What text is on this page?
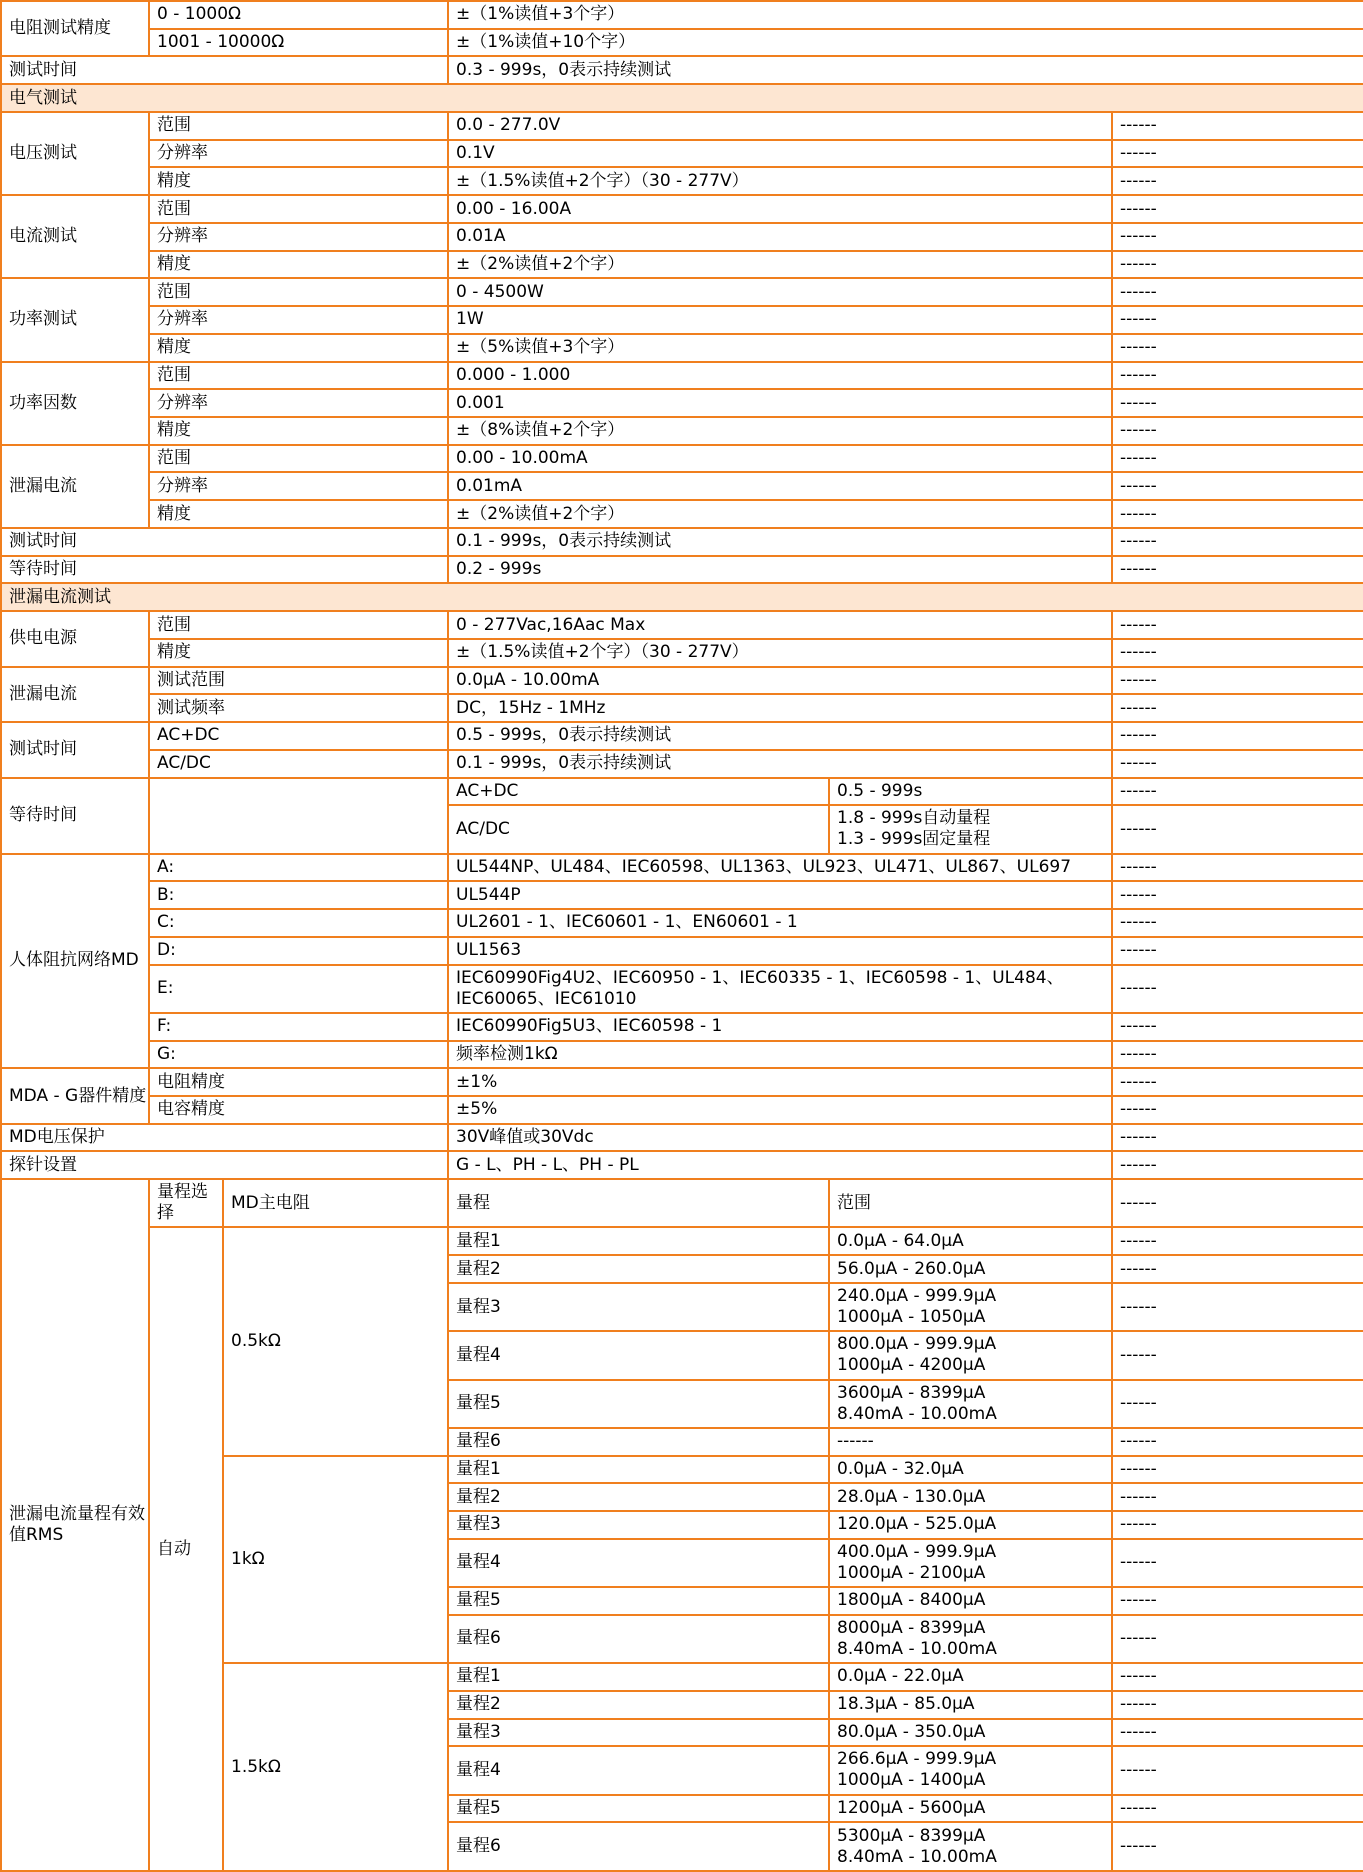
电阻测试精度	0 - 1000Ω		±（1%读值+3个字）		
	1001 - 10000Ω		±（1%读值+10个字）		
测试时间			0.3 - 999s，0表示持续测试		
电气测试					
电压测试	范围		0.0 - 277.0V		------
	分辨率		0.1V		------
	精度		±（1.5%读值+2个字）（30 - 277V）		------
电流测试	范围		0.00 - 16.00A		------
	分辨率		0.01A		------
	精度		±（2%读值+2个字）		------
功率测试	范围		0 - 4500W		------
	分辨率		1W		------
	精度		±（5%读值+3个字）		------
功率因数	范围		0.000 - 1.000		------
	分辨率		0.001		------
	精度		±（8%读值+2个字）		------
泄漏电流	范围		0.00 - 10.00mA		------
	分辨率		0.01mA		------
	精度		±（2%读值+2个字）		------
测试时间			0.1 - 999s，0表示持续测试		------
等待时间			0.2 - 999s		------
泄漏电流测试					
供电电源	范围		0 - 277Vac,16Aac Max		------
	精度		±（1.5%读值+2个字）（30 - 277V）		------
泄漏电流	测试范围		0.0μA - 10.00mA		------
	测试频率		DC，15Hz - 1MHz		------
测试时间	AC+DC		0.5 - 999s，0表示持续测试		------
	AC/DC		0.1 - 999s，0表示持续测试		------
等待时间			AC+DC	0.5 - 999s	------
			AC/DC	1.8 - 999s自动量程
1.3 - 999s固定量程	------
人体阻抗网络MD	A:		UL544NP、UL484、IEC60598、UL1363、UL923、UL471、UL867、UL697		------
	B:		UL544P		------
	C:		UL2601 - 1、IEC60601 - 1、EN60601 - 1		------
	D:		UL1563		------
	E:		IEC60990Fig4U2、IEC60950 - 1、IEC60335 - 1、IEC60598 - 1、UL484、IEC60065、IEC61010		------
	F:		IEC60990Fig5U3、IEC60598 - 1		------
	G:		频率检测1kΩ		------
MDA - G器件精度	电阻精度		±1%		------
	电容精度		±5%		------
MD电压保护			30V峰值或30Vdc		------
探针设置			G - L、PH - L、PH - PL		------
泄漏电流量程有效值RMS	量程选择	MD主电阻	量程	范围	------
	自动	0.5kΩ	量程1	0.0μA - 64.0μA	------
			量程2	56.0μA - 260.0μA	------
			量程3	240.0μA - 999.9μA
1000μA - 1050μA	------
			量程4	800.0μA - 999.9μA
1000μA - 4200μA	------
			量程5	3600μA - 8399μA
8.40mA - 10.00mA	------
			量程6	------	------
		1kΩ	量程1	0.0μA - 32.0μA	------
			量程2	28.0μA - 130.0μA	------
			量程3	120.0μA - 525.0μA	------
			量程4	400.0μA - 999.9μA
1000μA - 2100μA	------
			量程5	1800μA - 8400μA	------
			量程6	8000μA - 8399μA
8.40mA - 10.00mA	------
		1.5kΩ	量程1	0.0μA - 22.0μA	------
			量程2	18.3μA - 85.0μA	------
			量程3	80.0μA - 350.0μA	------
			量程4	266.6μA - 999.9μA
1000μA - 1400μA	------
			量程5	1200μA - 5600μA	------
			量程6	5300μA - 8399μA
8.40mA - 10.00mA	------
